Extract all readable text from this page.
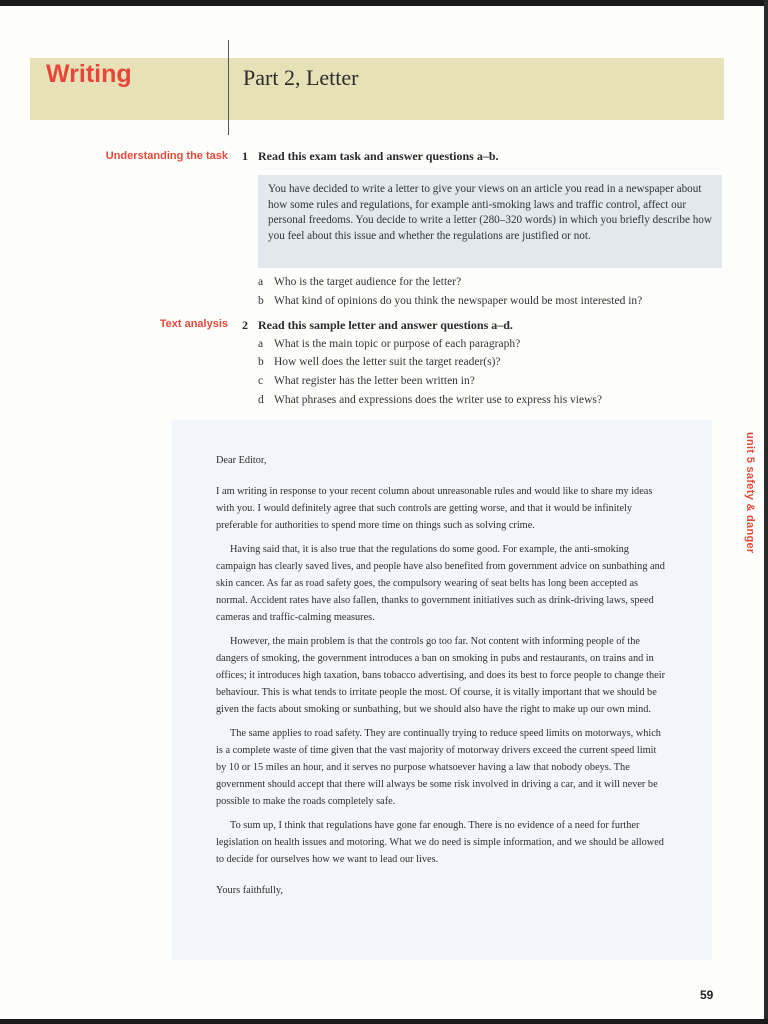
Writing	Part 2, Letter
Understanding the task 1 Read this exam task and answer questions a–b.
You have decided to write a letter to give your views on an article you read in a newspaper about how some rules and regulations, for example anti-smoking laws and traffic control, affect our personal freedoms. You decide to write a letter (280–320 words) in which you briefly describe how you feel about this issue and whether the regulations are justified or not.
a Who is the target audience for the letter?
b What kind of opinions do you think the newspaper would be most interested in?
Text analysis 2 Read this sample letter and answer questions a–d.
a What is the main topic or purpose of each paragraph?
b How well does the letter suit the target reader(s)?
c What register has the letter been written in?
d What phrases and expressions does the writer use to express his views?

Dear Editor,

I am writing in response to your recent column about unreasonable rules and would like to share my ideas with you. I would definitely agree that such controls are getting worse, and that it would be infinitely preferable for authorities to spend more time on things such as solving crime.

Having said that, it is also true that the regulations do some good. For example, the anti-smoking campaign has clearly saved lives, and people have also benefited from government advice on sunbathing and skin cancer. As far as road safety goes, the compulsory wearing of seat belts has long been accepted as normal. Accident rates have also fallen, thanks to government initiatives such as drink-driving laws, speed cameras and traffic-calming measures.

However, the main problem is that the controls go too far. Not content with informing people of the dangers of smoking, the government introduces a ban on smoking in pubs and restaurants, on trains and in offices; it introduces high taxation, bans tobacco advertising, and does its best to force people to change their behaviour. This is what tends to irritate people the most. Of course, it is vitally important that we should be given the facts about smoking or sunbathing, but we should also have the right to make up our own mind.

The same applies to road safety. They are continually trying to reduce speed limits on motorways, which is a complete waste of time given that the vast majority of motorway drivers exceed the current speed limit by 10 or 15 miles an hour, and it serves no purpose whatsoever having a law that nobody obeys. The government should accept that there will always be some risk involved in driving a car, and it will never be possible to make the roads completely safe.

To sum up, I think that regulations have gone far enough. There is no evidence of a need for further legislation on health issues and motoring. What we do need is simple information, and we should be allowed to decide for ourselves how we want to lead our lives.

Yours faithfully,

unit 5 safety & danger
59
